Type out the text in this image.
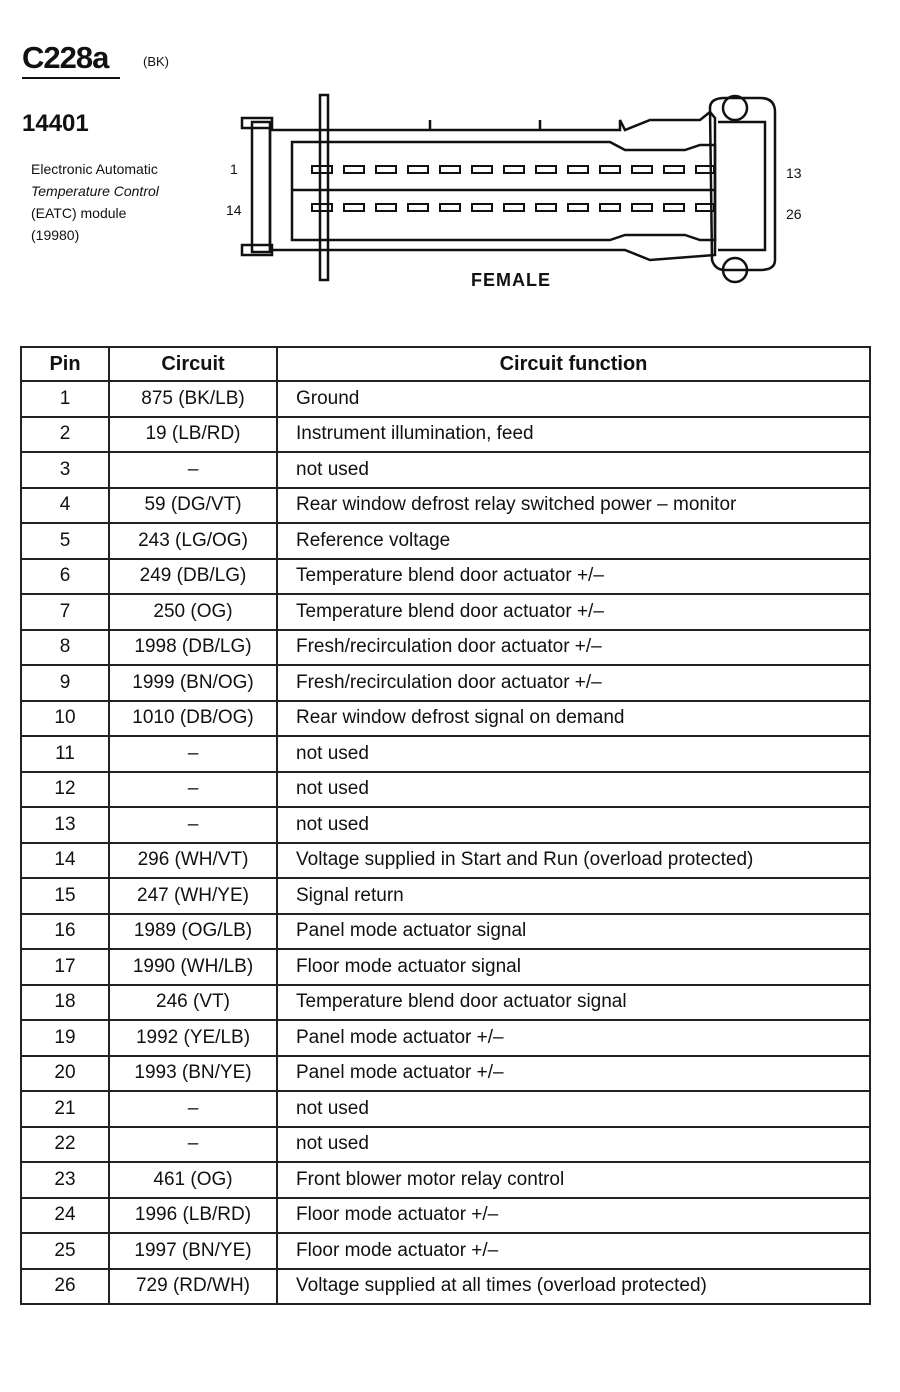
C228a	(BK)
14401
Electronic Automatic
Temperature Control
(EATC) module
(19980)
1
14
13
26
FEMALE
Pin	Circuit	Circuit function
1	875 (BK/LB)	Ground
2	19 (LB/RD)	Instrument illumination, feed
3	–	not used
4	59 (DG/VT)	Rear window defrost relay switched power – monitor
5	243 (LG/OG)	Reference voltage
6	249 (DB/LG)	Temperature blend door actuator +/–
7	250 (OG)	Temperature blend door actuator +/–
8	1998 (DB/LG)	Fresh/recirculation door actuator +/–
9	1999 (BN/OG)	Fresh/recirculation door actuator +/–
10	1010 (DB/OG)	Rear window defrost signal on demand
11	–	not used
12	–	not used
13	–	not used
14	296 (WH/VT)	Voltage supplied in Start and Run (overload protected)
15	247 (WH/YE)	Signal return
16	1989 (OG/LB)	Panel mode actuator signal
17	1990 (WH/LB)	Floor mode actuator signal
18	246 (VT)	Temperature blend door actuator signal
19	1992 (YE/LB)	Panel mode actuator +/–
20	1993 (BN/YE)	Panel mode actuator +/–
21	–	not used
22	–	not used
23	461 (OG)	Front blower motor relay control
24	1996 (LB/RD)	Floor mode actuator +/–
25	1997 (BN/YE)	Floor mode actuator +/–
26	729 (RD/WH)	Voltage supplied at all times (overload protected)
